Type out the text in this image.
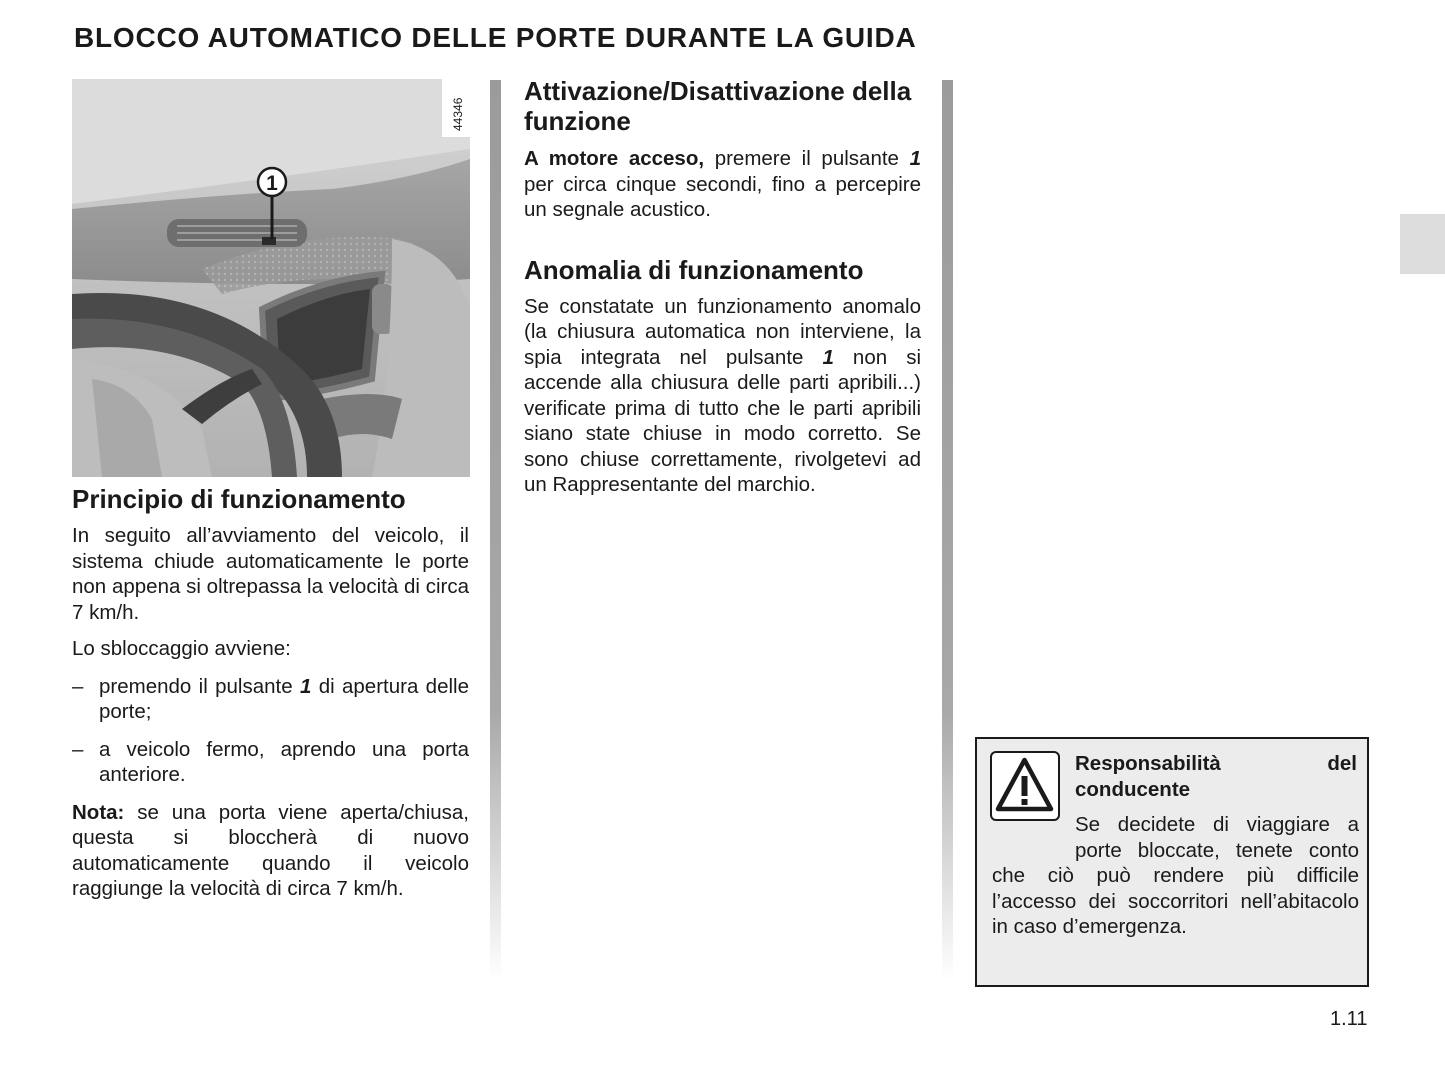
BLOCCO AUTOMATICO DELLE PORTE DURANTE LA GUIDA
1
44346
Principio di funzionamento

In seguito all’avviamento del veicolo, il sistema chiude automaticamente le porte non appena si oltrepassa la velocità di circa 7 km/h.

Lo sbloccaggio avviene:

– premendo il pulsante 1 di apertura delle porte;
– a veicolo fermo, aprendo una porta anteriore.

Nota: se una porta viene aperta/chiusa, questa si bloccherà di nuovo automaticamente quando il veicolo raggiunge la velocità di circa 7 km/h.

Attivazione/Disattivazione della funzione

A motore acceso, premere il pulsante 1 per circa cinque secondi, fino a percepire un segnale acustico.

Anomalia di funzionamento

Se constatate un funzionamento anomalo (la chiusura automatica non interviene, la spia integrata nel pulsante 1 non si accende alla chiusura delle parti apribili...) verificate prima di tutto che le parti apribili siano state chiuse in modo corretto. Se sono chiuse correttamente, rivolgetevi ad un Rappresentante del marchio.

Responsabilità del conducente

Se decidete di viaggiare a porte bloccate, tenete conto che ciò può rendere più difficile l’accesso dei soccorritori nell’abitacolo in caso d’emergenza.

1.11
